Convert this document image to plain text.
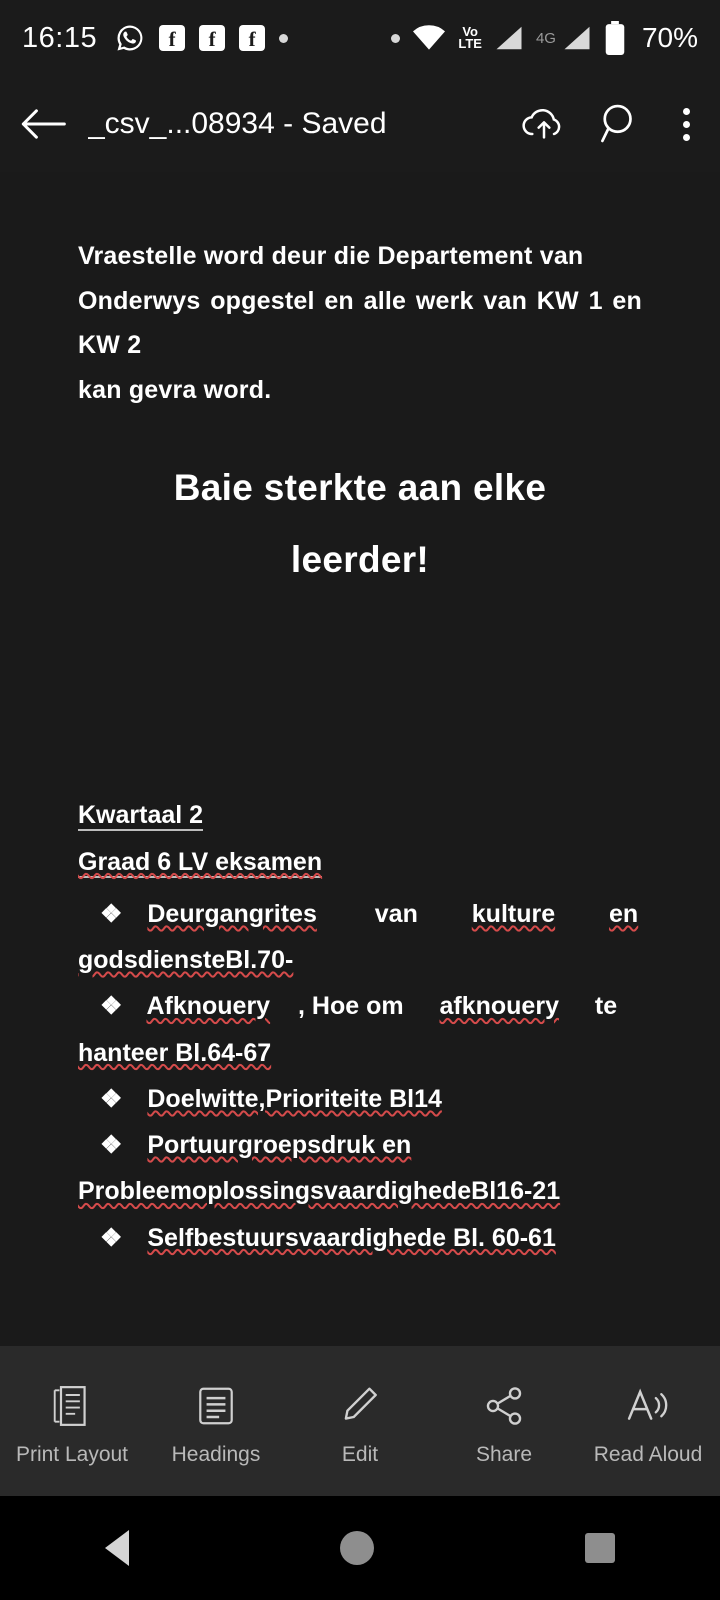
16:15	f	f	f	Vo
LTE	4G	70%
_csv_...08934 - Saved
Vraestelle word deur die Departement van
Onderwys opgestel en alle werk van KW 1 en KW 2
kan gevra word.
Baie sterkte aan elke
leerder!
Kwartaal 2
Graad 6 LV eksamen
❖ Deurgangrites van kulture en
godsdiensteBl.70-
❖ Afknouery , Hoe om afknouery te
hanteer Bl.64-67
❖ Doelwitte,Prioriteite Bl14
❖ Portuurgroepsdruk en
ProbleemoplossingsvaardighedeBl16-21
❖ Selfbestuursvaardighede Bl. 60-61
Print Layout Headings	Edit	Share	Read Aloud
